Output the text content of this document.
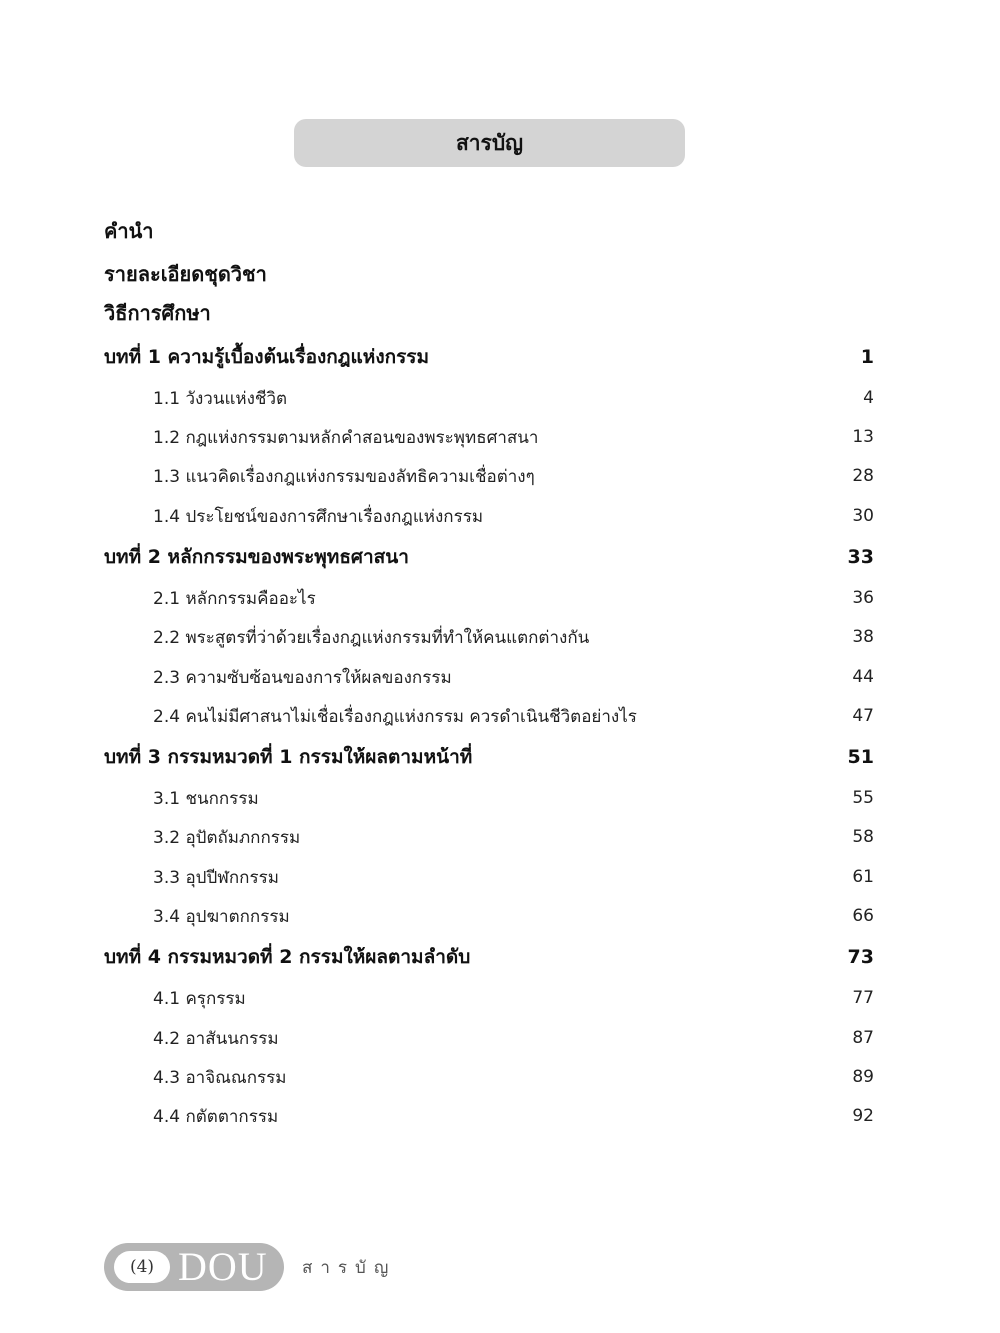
สารบัญ
คำนำ
รายละเอียดชุดวิชา
วิธีการศึกษา
บทที่ 1 ความรู้เบื้องต้นเรื่องกฎแห่งกรรม	1
1.1 วังวนแห่งชีวิต	4
1.2 กฎแห่งกรรมตามหลักคำสอนของพระพุทธศาสนา	13
1.3 แนวคิดเรื่องกฎแห่งกรรมของลัทธิความเชื่อต่างๆ	28
1.4 ประโยชน์ของการศึกษาเรื่องกฎแห่งกรรม	30
บทที่ 2 หลักกรรมของพระพุทธศาสนา	33
2.1 หลักกรรมคืออะไร	36
2.2 พระสูตรที่ว่าด้วยเรื่องกฎแห่งกรรมที่ทำให้คนแตกต่างกัน	38
2.3 ความซับซ้อนของการให้ผลของกรรม	44
2.4 คนไม่มีศาสนาไม่เชื่อเรื่องกฎแห่งกรรม ควรดำเนินชีวิตอย่างไร	47
บทที่ 3 กรรมหมวดที่ 1 กรรมให้ผลตามหน้าที่	51
3.1 ชนกกรรม	55
3.2 อุปัตถัมภกกรรม	58
3.3 อุปปีฬกกรรม	61
3.4 อุปฆาตกกรรม	66
บทที่ 4 กรรมหมวดที่ 2 กรรมให้ผลตามลำดับ	73
4.1 ครุกรรม	77
4.2 อาสันนกรรม	87
4.3 อาจิณณกรรม	89
4.4 กตัตตากรรม	92
(4) DOU สารบัญ
